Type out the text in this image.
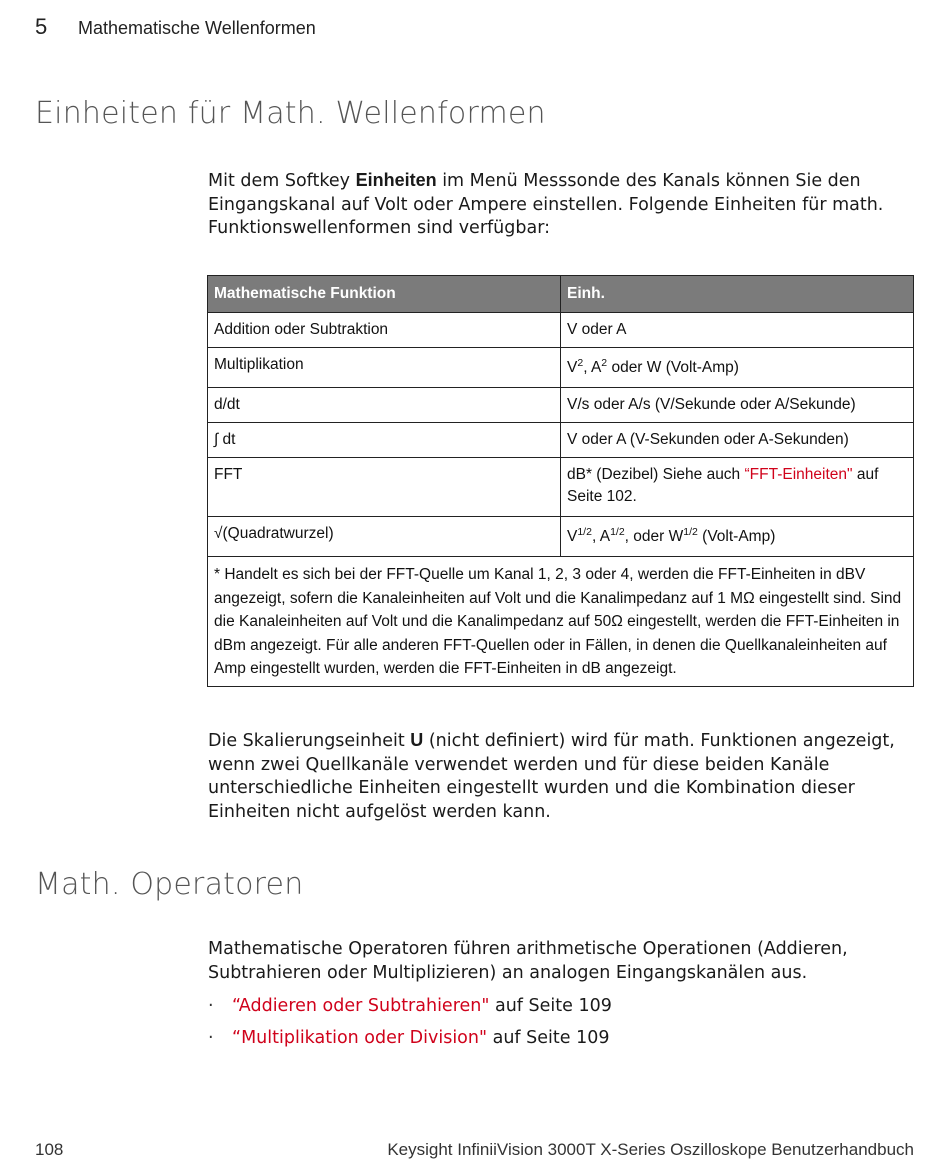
5 Mathematische Wellenformen
Einheiten für Math. Wellenformen
Mit dem Softkey Einheiten im Menü Messsonde des Kanals können Sie den Eingangskanal auf Volt oder Ampere einstellen. Folgende Einheiten für math. Funktionswellenformen sind verfügbar:
Mathematische Funktion	Einh.
Addition oder Subtraktion	V oder A
Multiplikation	$V^2$, $A^2$ oder W (Volt-Amp)
d/dt	V/s oder A/s (V/Sekunde oder A/Sekunde)
∫ dt	V oder A (V-Sekunden oder A-Sekunden)
FFT	dB* (Dezibel) Siehe auch “FFT-Einheiten" auf Seite 102.
√(Quadratwurzel)	$V^{1/2}$, $A^{1/2}$, oder $W^{1/2}$ (Volt-Amp)
* Handelt es sich bei der FFT-Quelle um Kanal 1, 2, 3 oder 4, werden die FFT-Einheiten in dBV angezeigt, sofern die Kanaleinheiten auf Volt und die Kanalimpedanz auf 1 MΩ eingestellt sind. Sind die Kanaleinheiten auf Volt und die Kanalimpedanz auf 50Ω eingestellt, werden die FFT-Einheiten in dBm angezeigt. Für alle anderen FFT-Quellen oder in Fällen, in denen die Quellkanaleinheiten auf Amp eingestellt wurden, werden die FFT-Einheiten in dB angezeigt.	
Die Skalierungseinheit U (nicht definiert) wird für math. Funktionen angezeigt, wenn zwei Quellkanäle verwendet werden und für diese beiden Kanäle unterschiedliche Einheiten eingestellt wurden und die Kombination dieser Einheiten nicht aufgelöst werden kann.
Math. Operatoren
Mathematische Operatoren führen arithmetische Operationen (Addieren, Subtrahieren oder Multiplizieren) an analogen Eingangskanälen aus.
· “Addieren oder Subtrahieren" auf Seite 109
· “Multiplikation oder Division" auf Seite 109
108	Keysight InfiniiVision 3000T X-Series Oszilloskope Benutzerhandbuch
